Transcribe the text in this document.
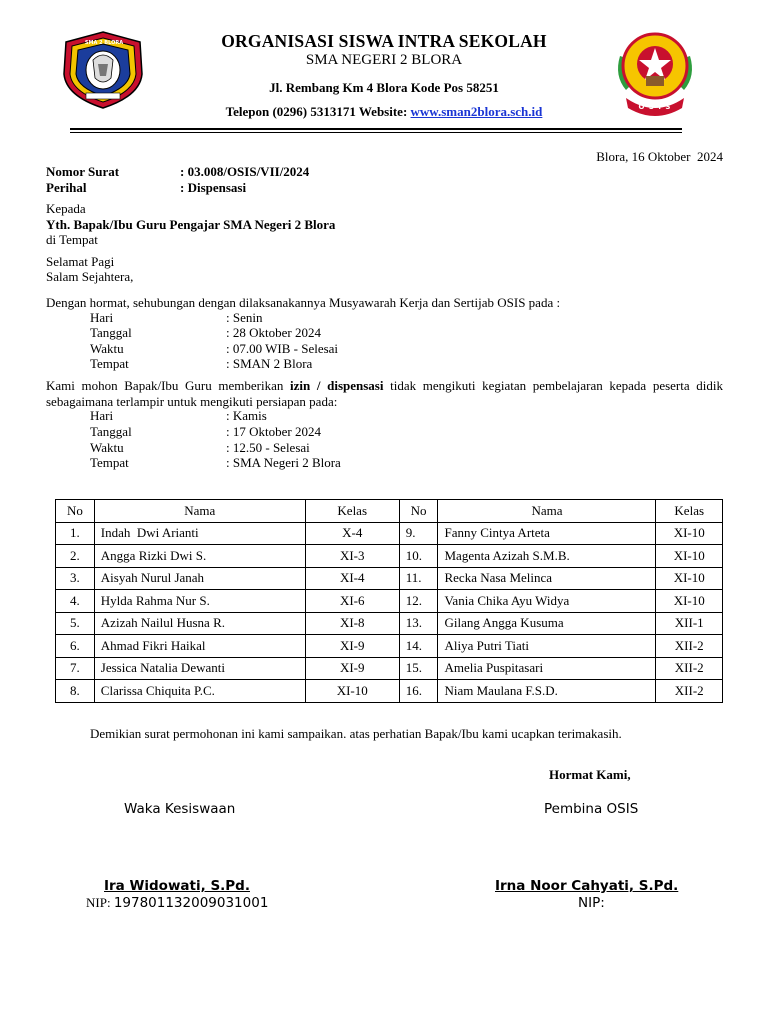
SMA 2 BLORA
O S I S
ORGANISASI SISWA INTRA SEKOLAH
SMA NEGERI 2 BLORA
Jl. Rembang Km 4 Blora Kode Pos 58251
Telepon (0296) 5313171 Website: www.sman2blora.sch.id
Blora, 16 Oktober  2024
Nomor Surat	: 03.008/OSIS/VII/2024
Perihal	: Dispensasi
Kepada
Yth. Bapak/Ibu Guru Pengajar SMA Negeri 2 Blora
di Tempat
Selamat Pagi
Salam Sejahtera,
Dengan hormat, sehubungan dengan dilaksanakannya Musyawarah Kerja dan Sertijab OSIS pada :
Hari	: Senin
Tanggal	: 28 Oktober 2024
Waktu	: 07.00 WIB - Selesai
Tempat	: SMAN 2 Blora
Kami mohon Bapak/Ibu Guru memberikan izin / dispensasi tidak mengikuti kegiatan pembelajaran kepada peserta didik sebagaimana terlampir untuk mengikuti persiapan pada:
Hari	: Kamis
Tanggal	: 17 Oktober 2024
Waktu	: 12.50 - Selesai
Tempat	: SMA Negeri 2 Blora
No	Nama	Kelas	No	Nama	Kelas
1.	Indah  Dwi Arianti	X-4	9.	Fanny Cintya Arteta	XI-10
2.	Angga Rizki Dwi S.	XI-3	10.	Magenta Azizah S.M.B.	XI-10
3.	Aisyah Nurul Janah	XI-4	11.	Recka Nasa Melinca	XI-10
4.	Hylda Rahma Nur S.	XI-6	12.	Vania Chika Ayu Widya	XI-10
5.	Azizah Nailul Husna R.	XI-8	13.	Gilang Angga Kusuma	XII-1
6.	Ahmad Fikri Haikal	XI-9	14.	Aliya Putri Tiati	XII-2
7.	Jessica Natalia Dewanti	XI-9	15.	Amelia Puspitasari	XII-2
8.	Clarissa Chiquita P.C.	XI-10	16.	Niam Maulana F.S.D.	XII-2
Demikian surat permohonan ini kami sampaikan. atas perhatian Bapak/Ibu kami ucapkan terimakasih.
Hormat Kami,
Waka Kesiswaan	Pembina OSIS
Ira Widowati, S.Pd.	Irna Noor Cahyati, S.Pd.
NIP: 197801132009031001	NIP:
